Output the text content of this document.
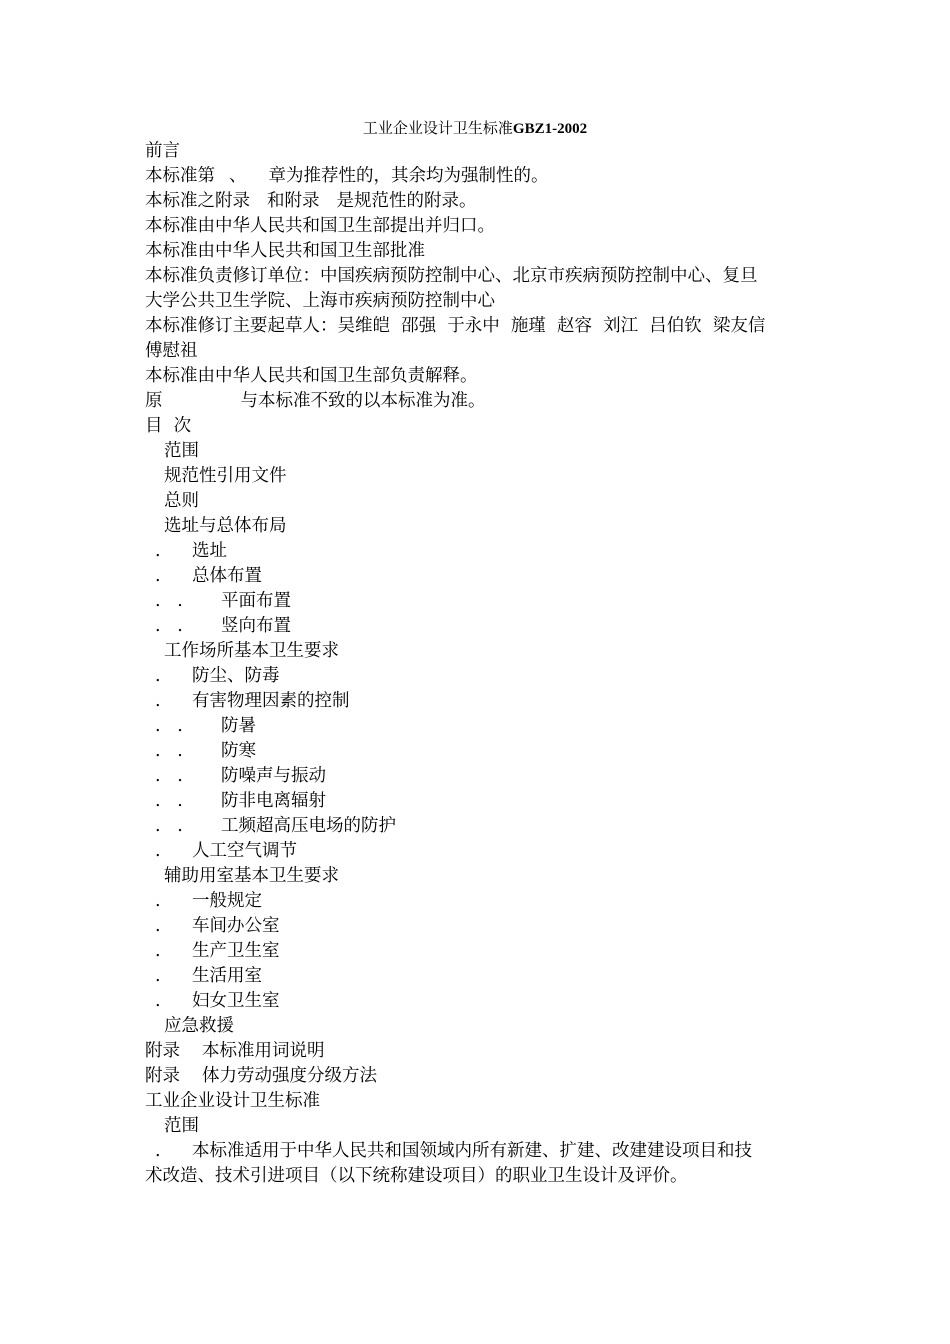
工业企业设计卫生标准GBZ1-2002
前言
本标准第 、 章为推荐性的，其余均为强制性的。
本标准之附录 和附录 是规范性的附录。
本标准由中华人民共和国卫生部提出并归口。
本标准由中华人民共和国卫生部批准
本标准负责修订单位：中国疾病预防控制中心、北京市疾病预防控制中心、复旦
大学公共卫生学院、上海市疾病预防控制中心
本标准修订主要起草人：吴维皑  邵强  于永中  施瑾  赵容  刘江  吕伯钦  梁友信
傅慰祖
本标准由中华人民共和国卫生部负责解释。
原	与本标准不致的以本标准为准。
目  次
范围
规范性引用文件
总则
选址与总体布局
. 选址
. 总体布置
.   . 平面布置
.   . 竖向布置
工作场所基本卫生要求
. 防尘、防毒
. 有害物理因素的控制
.   . 防暑
.   . 防寒
.   . 防噪声与振动
.   . 防非电离辐射
.   . 工频超高压电场的防护
. 人工空气调节
辅助用室基本卫生要求
. 一般规定
. 车间办公室
. 生产卫生室
. 生活用室
. 妇女卫生室
应急救援
附录 本标准用词说明
附录 体力劳动强度分级方法
工业企业设计卫生标准
范围
. 本标准适用于中华人民共和国领域内所有新建、扩建、改建建设项目和技
术改造、技术引进项目（以下统称建设项目）的职业卫生设计及评价。
